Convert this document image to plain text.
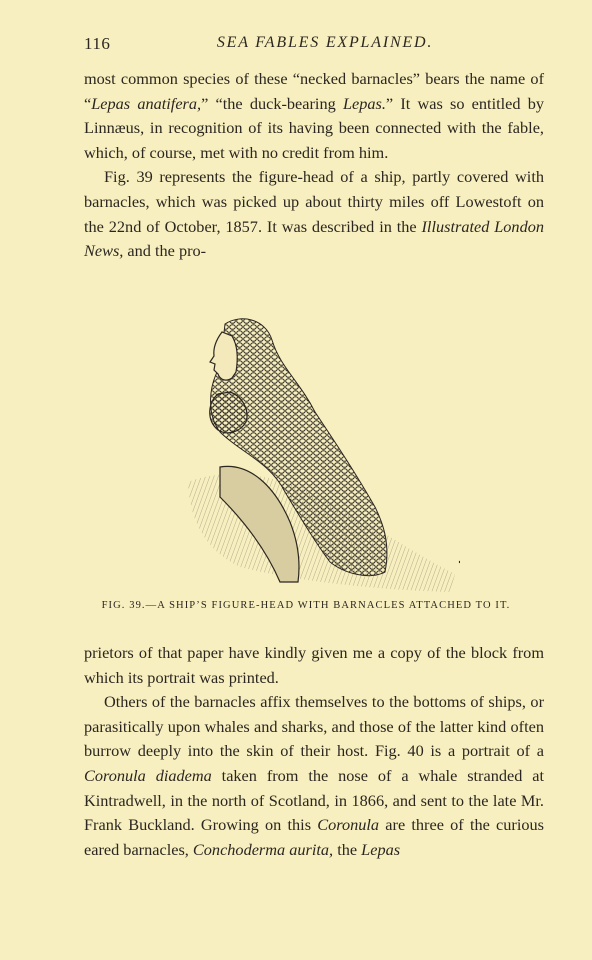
116	SEA FABLES EXPLAINED.

most common species of these “necked barnacles” bears the name of “Lepas anatifera,” “the duck-bearing Lepas.” It was so entitled by Linnæus, in recognition of its having been connected with the fable, which, of course, met with no credit from him.

Fig. 39 represents the figure-head of a ship, partly covered with barnacles, which was picked up about thirty miles off Lowestoft on the 22nd of October, 1857. It was described in the Illustrated London News, and the pro-

FIG. 39.—A SHIP’S FIGURE-HEAD WITH BARNACLES ATTACHED TO IT.

prietors of that paper have kindly given me a copy of the block from which its portrait was printed.

Others of the barnacles affix themselves to the bottoms of ships, or parasitically upon whales and sharks, and those of the latter kind often burrow deeply into the skin of their host. Fig. 40 is a portrait of a Coronula diadema taken from the nose of a whale stranded at Kintradwell, in the north of Scotland, in 1866, and sent to the late Mr. Frank Buckland. Growing on this Coronula are three of the curious eared barnacles, Conchoderma aurita, the Lepas
